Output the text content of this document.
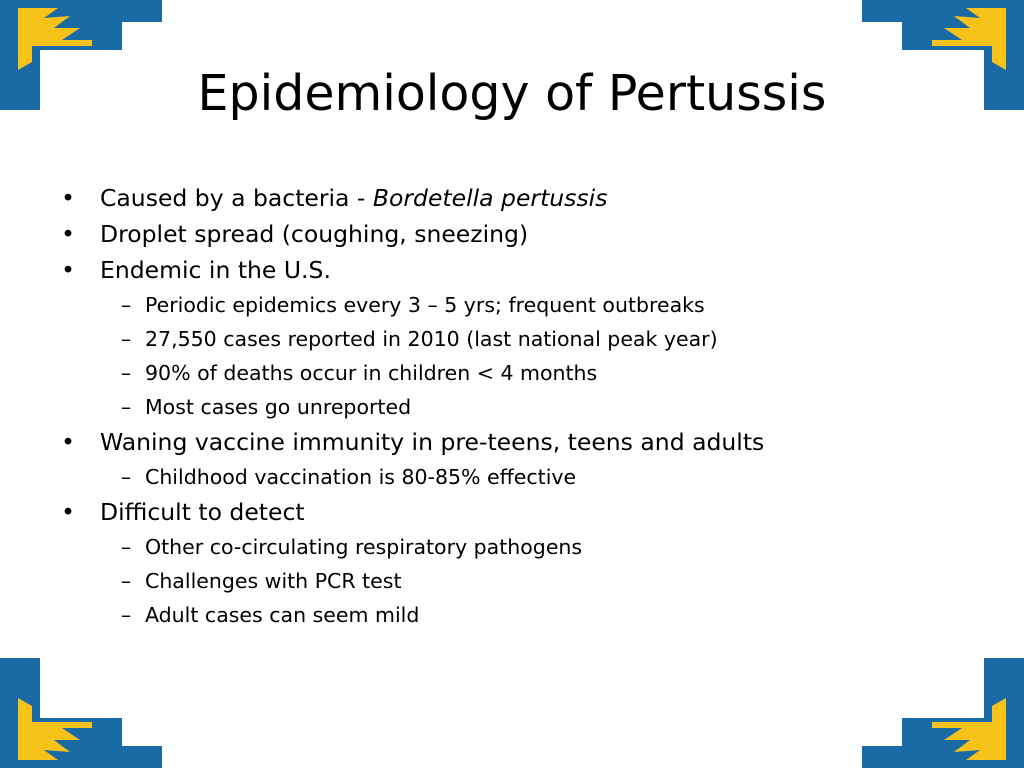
Epidemiology of Pertussis
• Caused by a bacteria - Bordetella pertussis
• Droplet spread (coughing, sneezing)
• Endemic in the U.S.
– Periodic epidemics every 3 – 5 yrs; frequent outbreaks
– 27,550 cases reported in 2010 (last national peak year)
– 90% of deaths occur in children < 4 months
– Most cases go unreported
• Waning vaccine immunity in pre-teens, teens and adults
– Childhood vaccination is 80-85% effective
• Difficult to detect
– Other co-circulating respiratory pathogens
– Challenges with PCR test
– Adult cases can seem mild
